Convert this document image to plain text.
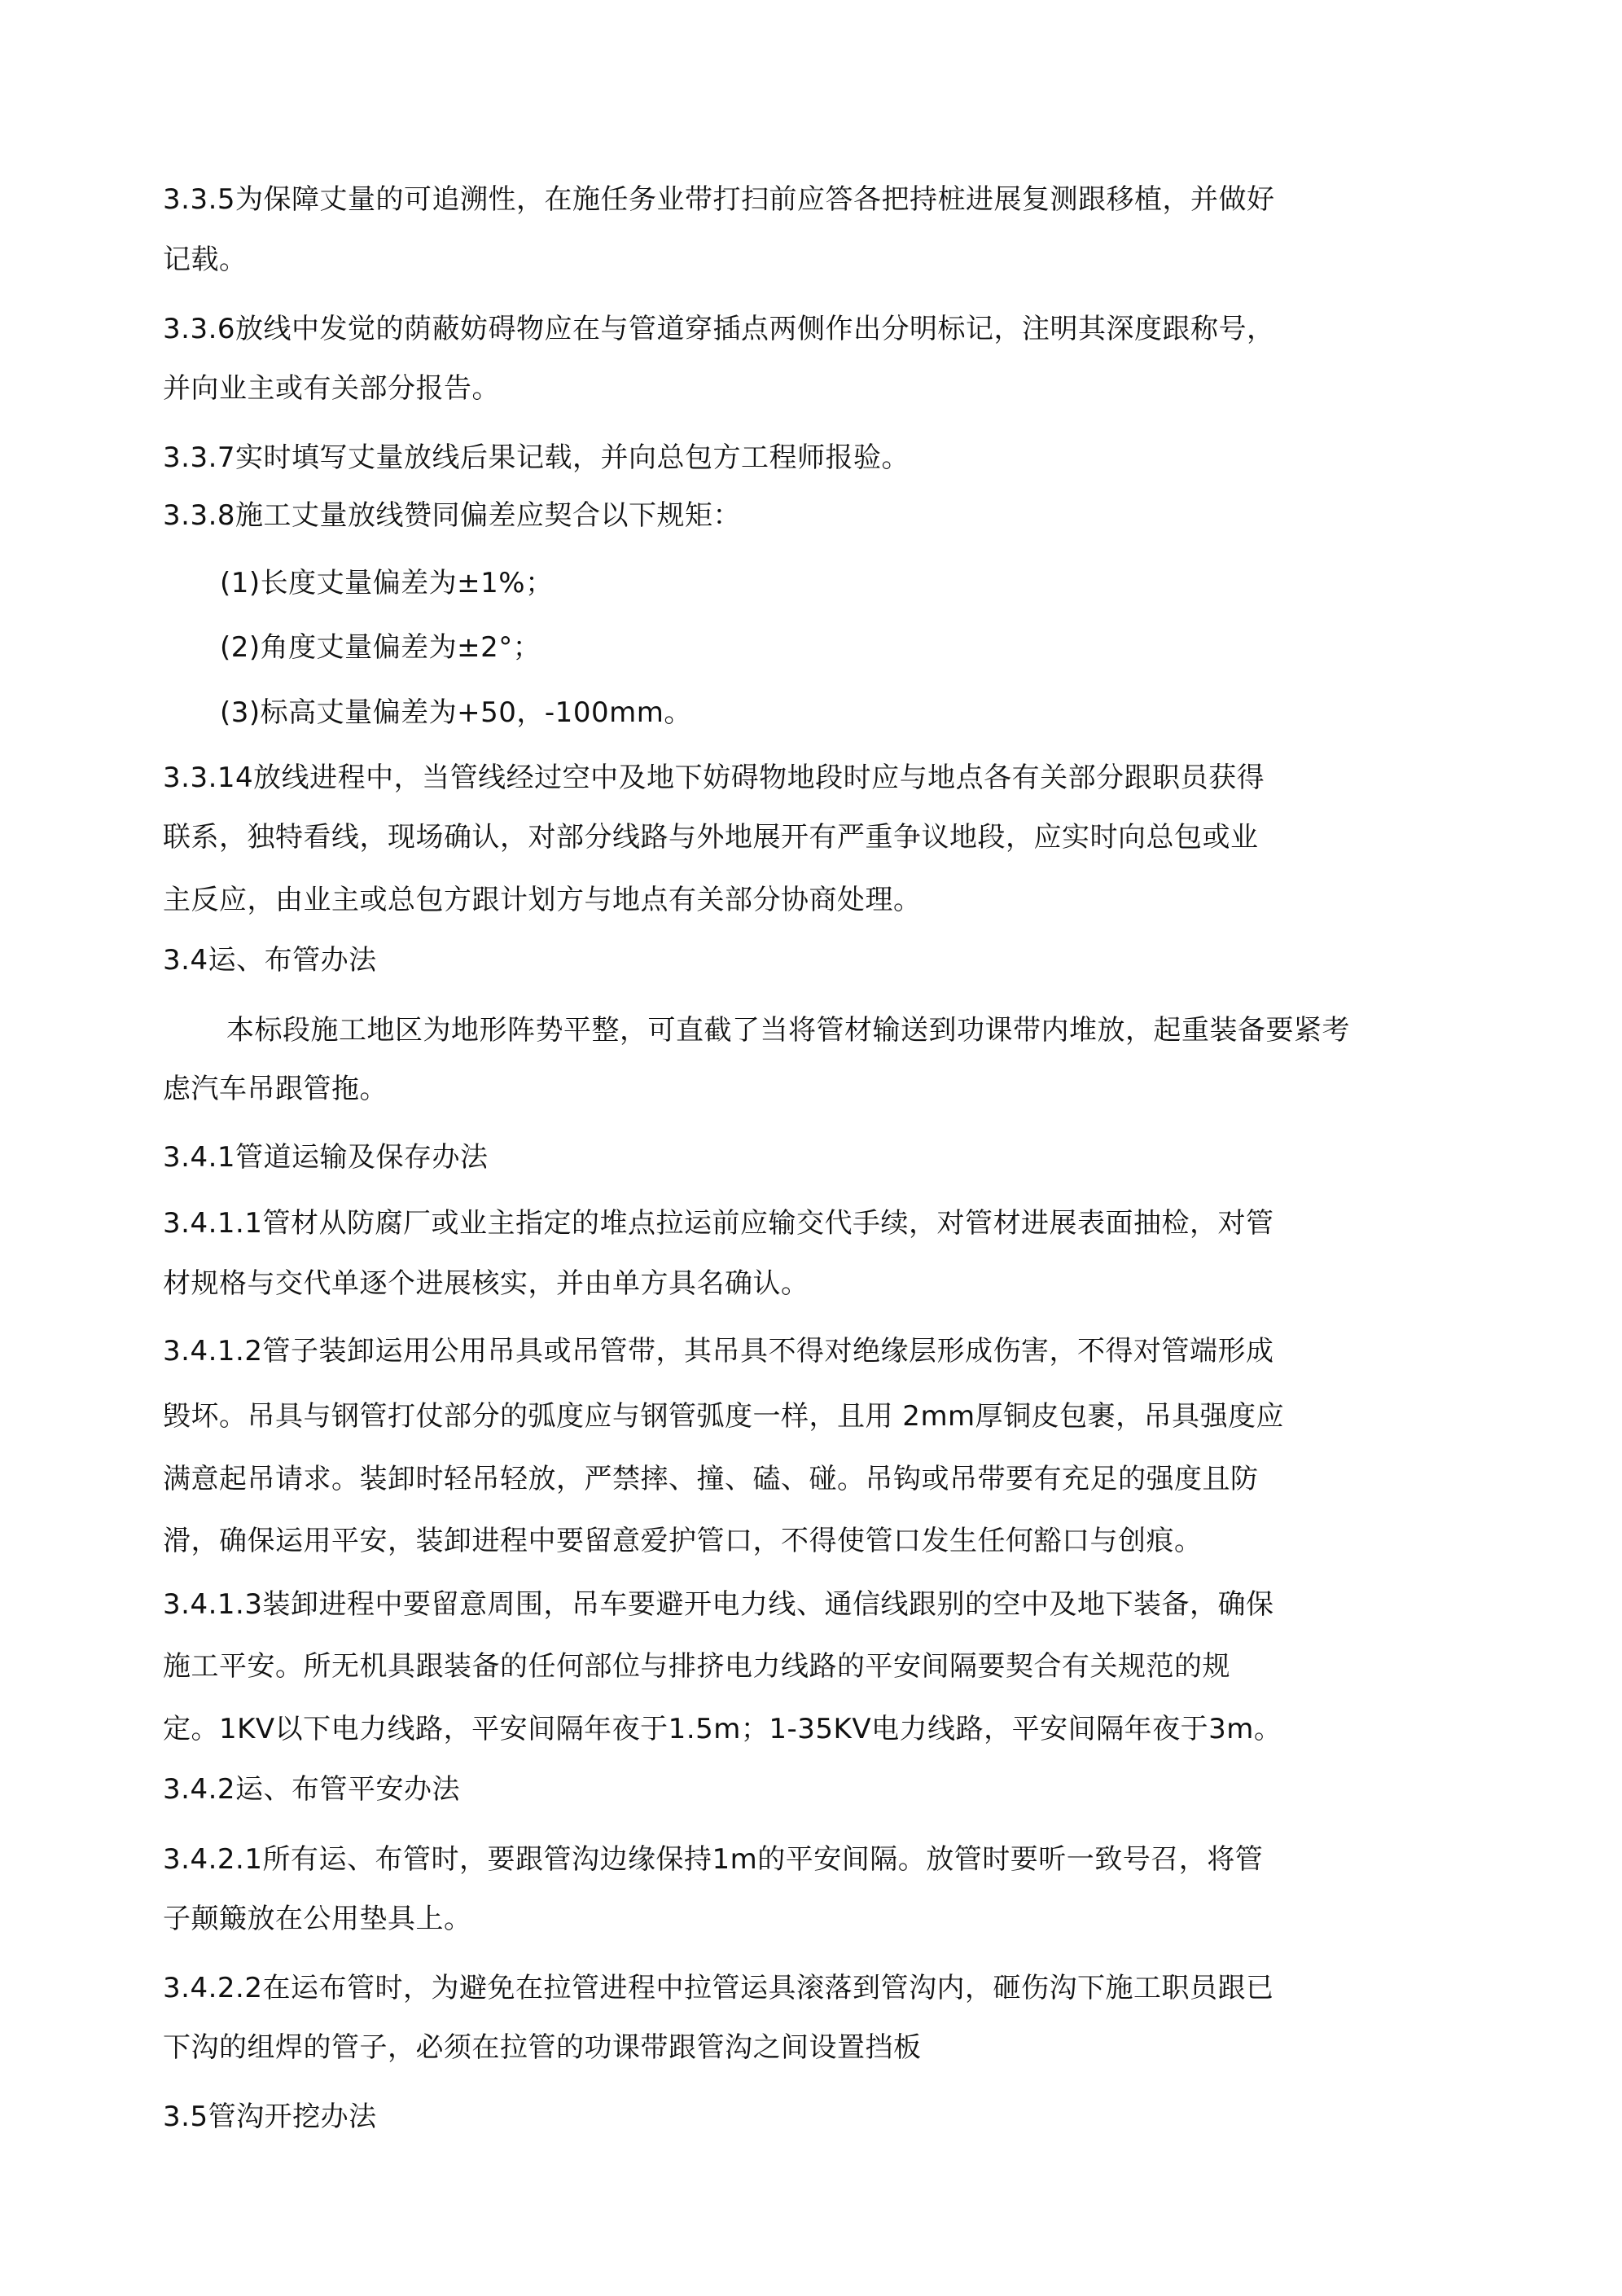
3.3.5为保障丈量的可追溯性，在施任务业带打扫前应答各把持桩进展复测跟移植，并做好

记载。

3.3.6放线中发觉的荫蔽妨碍物应在与管道穿插点两侧作出分明标记，注明其深度跟称号，

并向业主或有关部分报告。

3.3.7实时填写丈量放线后果记载，并向总包方工程师报验。

3.3.8施工丈量放线赞同偏差应契合以下规矩：

(1)长度丈量偏差为±1%；

(2)角度丈量偏差为±2°；

(3)标高丈量偏差为+50，-100mm。

3.3.14放线进程中，当管线经过空中及地下妨碍物地段时应与地点各有关部分跟职员获得

联系，独特看线，现场确认，对部分线路与外地展开有严重争议地段，应实时向总包或业

主反应，由业主或总包方跟计划方与地点有关部分协商处理。

3.4运、布管办法

本标段施工地区为地形阵势平整，可直截了当将管材输送到功课带内堆放，起重装备要紧考

虑汽车吊跟管拖。

3.4.1管道运输及保存办法

3.4.1.1管材从防腐厂或业主指定的堆点拉运前应输交代手续，对管材进展表面抽检，对管

材规格与交代单逐个进展核实，并由单方具名确认。

3.4.1.2管子装卸运用公用吊具或吊管带，其吊具不得对绝缘层形成伤害，不得对管端形成

毁坏。吊具与钢管打仗部分的弧度应与钢管弧度一样，且用 2mm厚铜皮包裹，吊具强度应

满意起吊请求。装卸时轻吊轻放，严禁摔、撞、磕、碰。吊钩或吊带要有充足的强度且防

滑，确保运用平安，装卸进程中要留意爱护管口，不得使管口发生任何豁口与创痕。

3.4.1.3装卸进程中要留意周围，吊车要避开电力线、通信线跟别的空中及地下装备，确保

施工平安。所无机具跟装备的任何部位与排挤电力线路的平安间隔要契合有关规范的规

定。1KV以下电力线路，平安间隔年夜于1.5m；1-35KV电力线路，平安间隔年夜于3m。

3.4.2运、布管平安办法

3.4.2.1所有运、布管时，要跟管沟边缘保持1m的平安间隔。放管时要听一致号召，将管

子颠簸放在公用垫具上。

3.4.2.2在运布管时，为避免在拉管进程中拉管运具滚落到管沟内，砸伤沟下施工职员跟已

下沟的组焊的管子，必须在拉管的功课带跟管沟之间设置挡板

3.5管沟开挖办法
